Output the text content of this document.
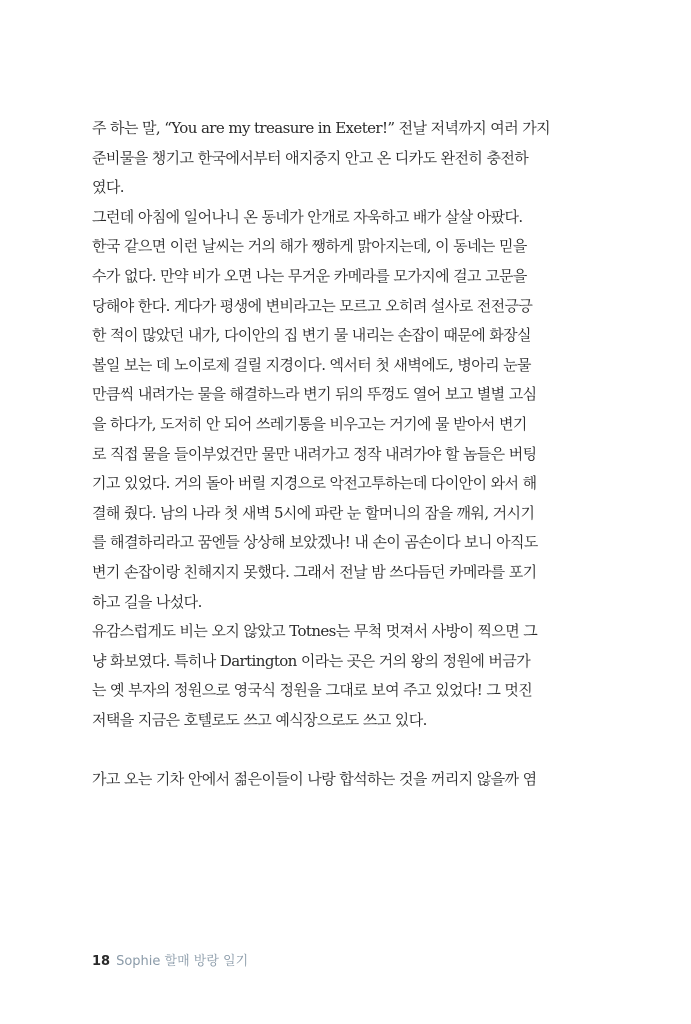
주 하는 말, “You are my treasure in Exeter!” 전날 저녁까지 여러 가지
준비물을 챙기고 한국에서부터 애지중지 안고 온 디카도 완전히 충전하
였다.
그런데 아침에 일어나니 온 동네가 안개로 자욱하고 배가 살살 아팠다.
한국 같으면 이런 날씨는 거의 해가 쨍하게 맑아지는데, 이 동네는 믿을
수가 없다. 만약 비가 오면 나는 무거운 카메라를 모가지에 걸고 고문을
당해야 한다. 게다가 평생에 변비라고는 모르고 오히려 설사로 전전긍긍
한 적이 많았던 내가, 다이안의 집 변기 물 내리는 손잡이 때문에 화장실
볼일 보는 데 노이로제 걸릴 지경이다. 엑서터 첫 새벽에도, 병아리 눈물
만큼씩 내려가는 물을 해결하느라 변기 뒤의 뚜껑도 열어 보고 별별 고심
을 하다가, 도저히 안 되어 쓰레기통을 비우고는 거기에 물 받아서 변기
로 직접 물을 들이부었건만 물만 내려가고 정작 내려가야 할 놈들은 버팅
기고 있었다. 거의 돌아 버릴 지경으로 악전고투하는데 다이안이 와서 해
결해 줬다. 남의 나라 첫 새벽 5시에 파란 눈 할머니의 잠을 깨워, 거시기
를 해결하리라고 꿈엔들 상상해 보았겠나! 내 손이 곰손이다 보니 아직도
변기 손잡이랑 친해지지 못했다. 그래서 전날 밤 쓰다듬던 카메라를 포기
하고 길을 나섰다.
유감스럽게도 비는 오지 않았고 Totnes는 무척 멋져서 사방이 찍으면 그
냥 화보였다. 특히나 Dartington 이라는 곳은 거의 왕의 정원에 버금가
는 옛 부자의 정원으로 영국식 정원을 그대로 보여 주고 있었다! 그 멋진
저택을 지금은 호텔로도 쓰고 예식장으로도 쓰고 있다.
가고 오는 기차 안에서 젊은이들이 나랑 합석하는 것을 꺼리지 않을까 염
18 Sophie 할매 방랑 일기
